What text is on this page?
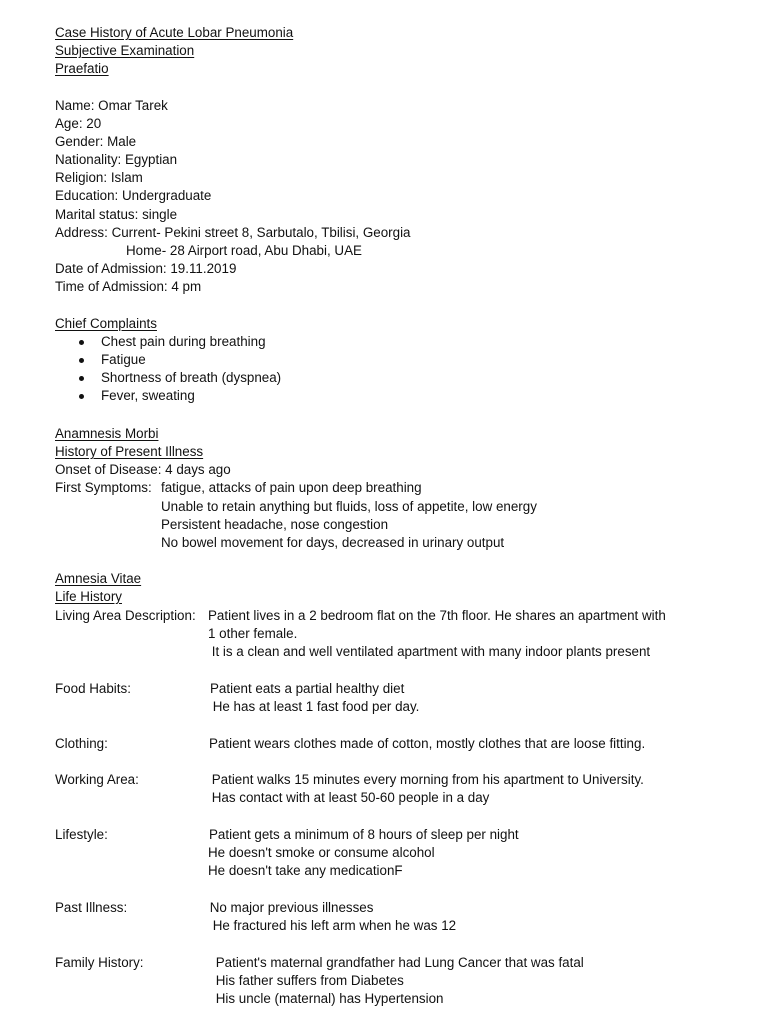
Case History of Acute Lobar Pneumonia
Subjective Examination
Praefatio
Name: Omar Tarek
Age: 20
Gender: Male
Nationality: Egyptian
Religion: Islam
Education: Undergraduate
Marital status: single
Address: Current- Pekini street 8, Sarbutalo, Tbilisi, Georgia
Home- 28 Airport road, Abu Dhabi, UAE
Date of Admission: 19.11.2019
Time of Admission: 4 pm
Chief Complaints
Chest pain during breathing
Fatigue
Shortness of breath (dyspnea)
Fever, sweating
Anamnesis Morbi
History of Present Illness
Onset of Disease: 4 days ago
First Symptoms: fatigue, attacks of pain upon deep breathing
Unable to retain anything but fluids, loss of appetite, low energy
Persistent headache, nose congestion
No bowel movement for days, decreased in urinary output
Amnesia Vitae
Life History
Living Area Description: Patient lives in a 2 bedroom flat on the 7th floor. He shares an apartment with
1 other female.
It is a clean and well ventilated apartment with many indoor plants present
Food Habits:	Patient eats a partial healthy diet
He has at least 1 fast food per day.
Clothing:	Patient wears clothes made of cotton, mostly clothes that are loose fitting.
Working Area:	Patient walks 15 minutes every morning from his apartment to University.
Has contact with at least 50-60 people in a day
Lifestyle:	Patient gets a minimum of 8 hours of sleep per night
He doesn't smoke or consume alcohol
He doesn't take any medicationF
Past Illness:	No major previous illnesses
He fractured his left arm when he was 12
Family History:	Patient's maternal grandfather had Lung Cancer that was fatal
His father suffers from Diabetes
His uncle (maternal) has Hypertension
